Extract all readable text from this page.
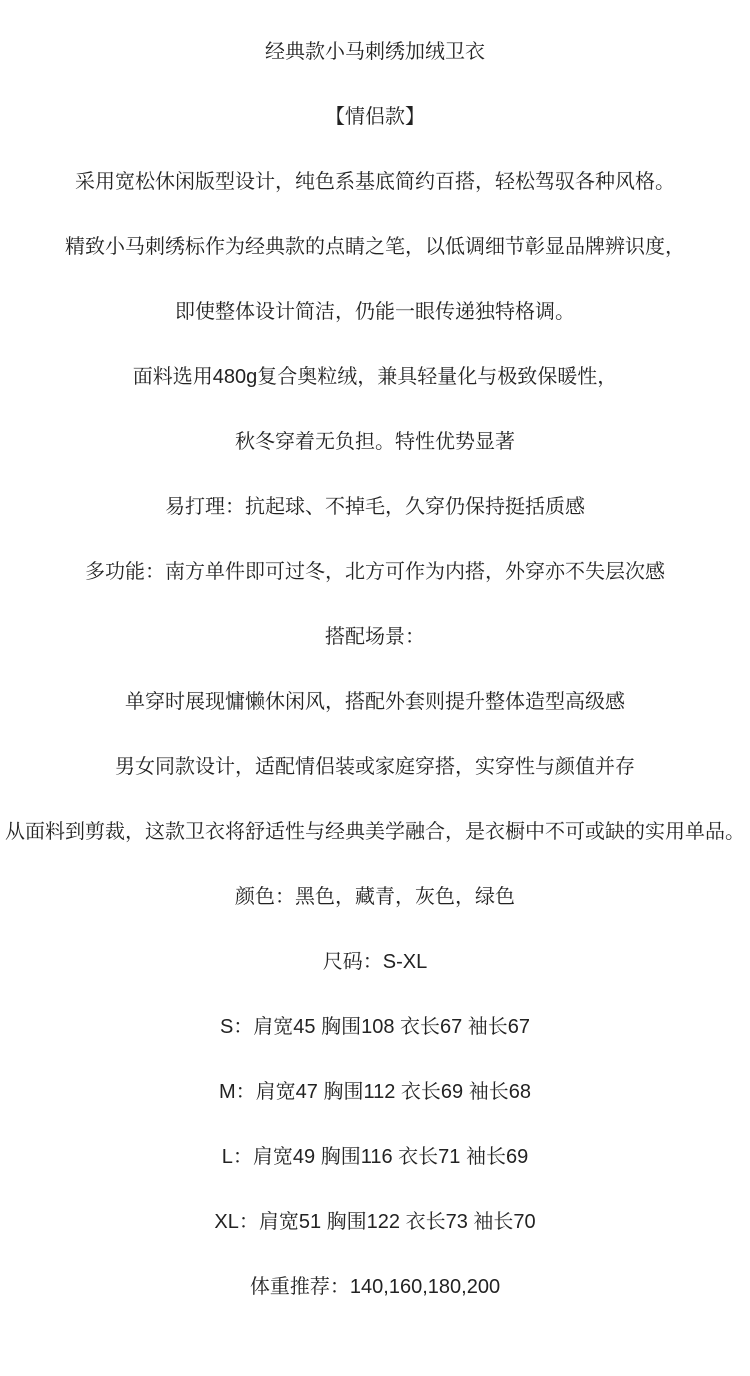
经典款小马刺绣加绒卫衣

【情侣款】

采用宽松休闲版型设计，纯色系基底简约百搭，轻松驾驭各种风格。

精致小马刺绣标作为经典款的点睛之笔，以低调细节彰显品牌辨识度，

即使整体设计简洁，仍能一眼传递独特格调。

面料选用480g复合奥粒绒，兼具轻量化与极致保暖性，

秋冬穿着无负担。特性优势显著

易打理：抗起球、不掉毛，久穿仍保持挺括质感

多功能：南方单件即可过冬，北方可作为内搭，外穿亦不失层次感

搭配场景：

单穿时展现慵懒休闲风，搭配外套则提升整体造型高级感

男女同款设计，适配情侣装或家庭穿搭，实穿性与颜值并存

从面料到剪裁，这款卫衣将舒适性与经典美学融合，是衣橱中不可或缺的实用单品。

颜色：黑色，藏青，灰色，绿色

尺码：S-XL

S：肩宽45 胸围108 衣长67 袖长67

M：肩宽47 胸围112 衣长69 袖长68

L：肩宽49 胸围116 衣长71 袖长69

XL：肩宽51 胸围122 衣长73 袖长70

体重推荐：140,160,180,200
